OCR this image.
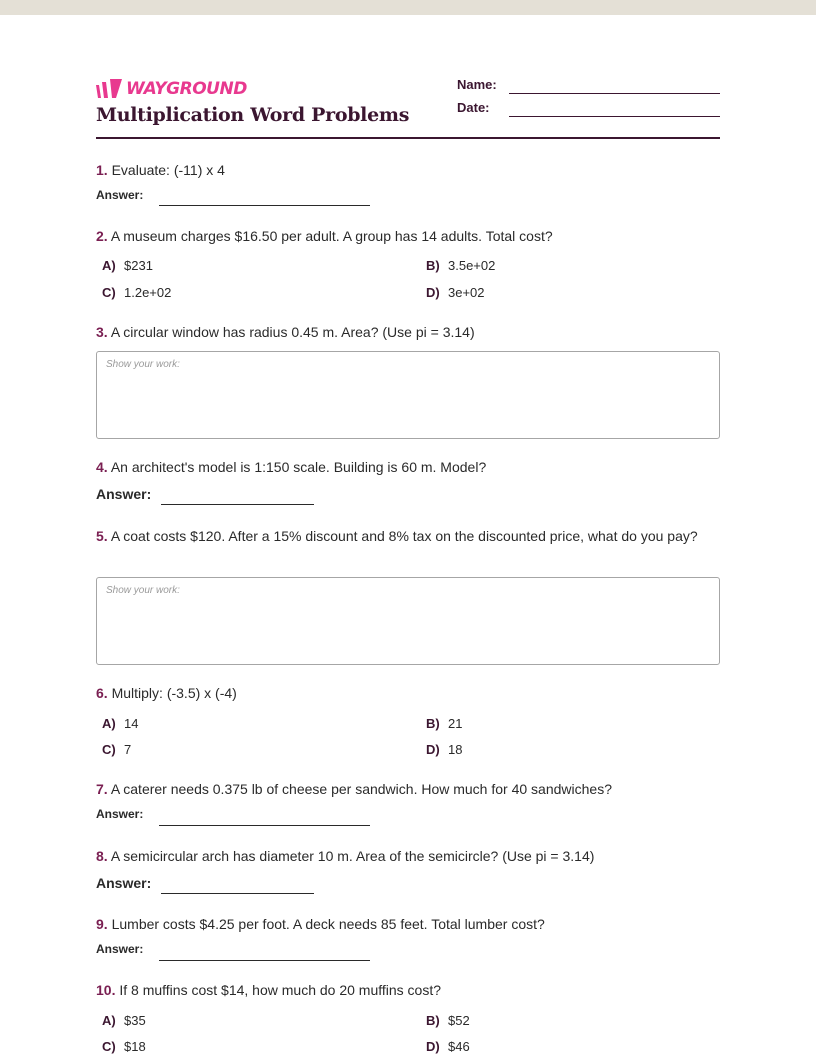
WAYGROUND
Multiplication Word Problems
Name:
Date:
1. Evaluate: (-11) x 4
Answer:
2. A museum charges $16.50 per adult. A group has 14 adults. Total cost?
A) $231	B) 3.5e+02
C) 1.2e+02	D) 3e+02
3. A circular window has radius 0.45 m. Area? (Use pi = 3.14)
Show your work:
4. An architect's model is 1:150 scale. Building is 60 m. Model?
Answer:
5. A coat costs $120. After a 15% discount and 8% tax on the discounted price, what do you pay?
Show your work:
6. Multiply: (-3.5) x (-4)
A) 14	B) 21
C) 7	D) 18
7. A caterer needs 0.375 lb of cheese per sandwich. How much for 40 sandwiches?
Answer:
8. A semicircular arch has diameter 10 m. Area of the semicircle? (Use pi = 3.14)
Answer:
9. Lumber costs $4.25 per foot. A deck needs 85 feet. Total lumber cost?
Answer:
10. If 8 muffins cost $14, how much do 20 muffins cost?
A) $35	B) $52
C) $18	D) $46
